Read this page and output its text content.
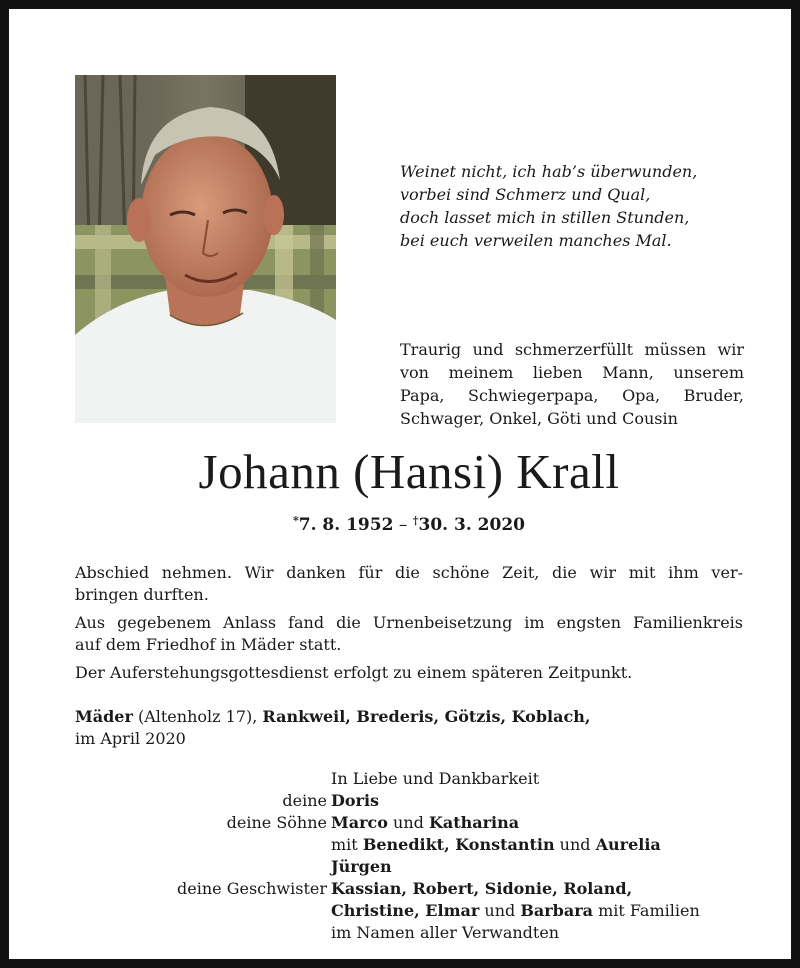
Weinet nicht, ich hab’s überwunden,
vorbei sind Schmerz und Qual,
doch lasset mich in stillen Stunden,
bei euch verweilen manches Mal.
Traurig und schmerzerfüllt müssen wir
von meinem lieben Mann, unserem
Papa, Schwiegerpapa, Opa, Bruder,
Schwager, Onkel, Göti und Cousin
Johann (Hansi) Krall
*7. 8. 1952 – †30. 3. 2020

Abschied nehmen. Wir danken für die schöne Zeit, die wir mit ihm ver-
bringen durften.

Aus gegebenem Anlass fand die Urnenbeisetzung im engsten Familienkreis
auf dem Friedhof in Mäder statt.

Der Auferstehungsgottesdienst erfolgt zu einem späteren Zeitpunkt.

Mäder (Altenholz 17), Rankweil, Brederis, Götzis, Koblach,
im April 2020
In Liebe und Dankbarkeit
deine Doris
deine Söhne Marco und Katharina
mit Benedikt, Konstantin und Aurelia
Jürgen
deine Geschwister Kassian, Robert, Sidonie, Roland,
Christine, Elmar und Barbara mit Familien
im Namen aller Verwandten
